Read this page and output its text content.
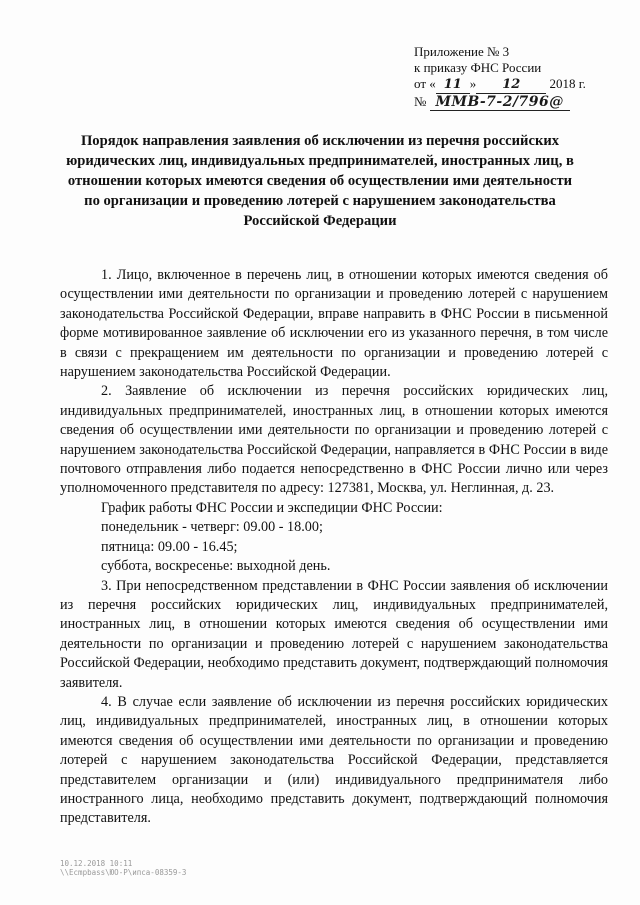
Приложение № 3
к приказу ФНС России
от « 11 » 12 2018 г.
№ ММВ-7-2/796@
Порядок направления заявления об исключении из перечня российских юридических лиц, индивидуальных предпринимателей, иностранных лиц, в отношении которых имеются сведения об осуществлении ими деятельности по организации и проведению лотерей с нарушением законодательства Российской Федерации

1. Лицо, включенное в перечень лиц, в отношении которых имеются сведения об осуществлении ими деятельности по организации и проведению лотерей с нарушением законодательства Российской Федерации, вправе направить в ФНС России в письменной форме мотивированное заявление об исключении его из указанного перечня, в том числе в связи с прекращением им деятельности по организации и проведению лотерей с нарушением законодательства Российской Федерации.

2. Заявление об исключении из перечня российских юридических лиц, индивидуальных предпринимателей, иностранных лиц, в отношении которых имеются сведения об осуществлении ими деятельности по организации и проведению лотерей с нарушением законодательства Российской Федерации, направляется в ФНС России в виде почтового отправления либо подается непосредственно в ФНС России лично или через уполномоченного представителя по адресу: 127381, Москва, ул. Неглинная, д. 23.

График работы ФНС России и экспедиции ФНС России:

понедельник - четверг: 09.00 - 18.00;

пятница: 09.00 - 16.45;

суббота, воскресенье: выходной день.

3. При непосредственном представлении в ФНС России заявления об исключении из перечня российских юридических лиц, индивидуальных предпринимателей, иностранных лиц, в отношении которых имеются сведения об осуществлении ими деятельности по организации и проведению лотерей с нарушением законодательства Российской Федерации, необходимо представить документ, подтверждающий полномочия заявителя.

4. В случае если заявление об исключении из перечня российских юридических лиц, индивидуальных предпринимателей, иностранных лиц, в отношении которых имеются сведения об осуществлении ими деятельности по организации и проведению лотерей с нарушением законодательства Российской Федерации, представляется представителем организации и (или) индивидуального предпринимателя либо иностранного лица, необходимо представить документ, подтверждающий полномочия представителя.

10.12.2018 10:11
\\Ecmpbass\ЮО-Р\ипса-08359-3
